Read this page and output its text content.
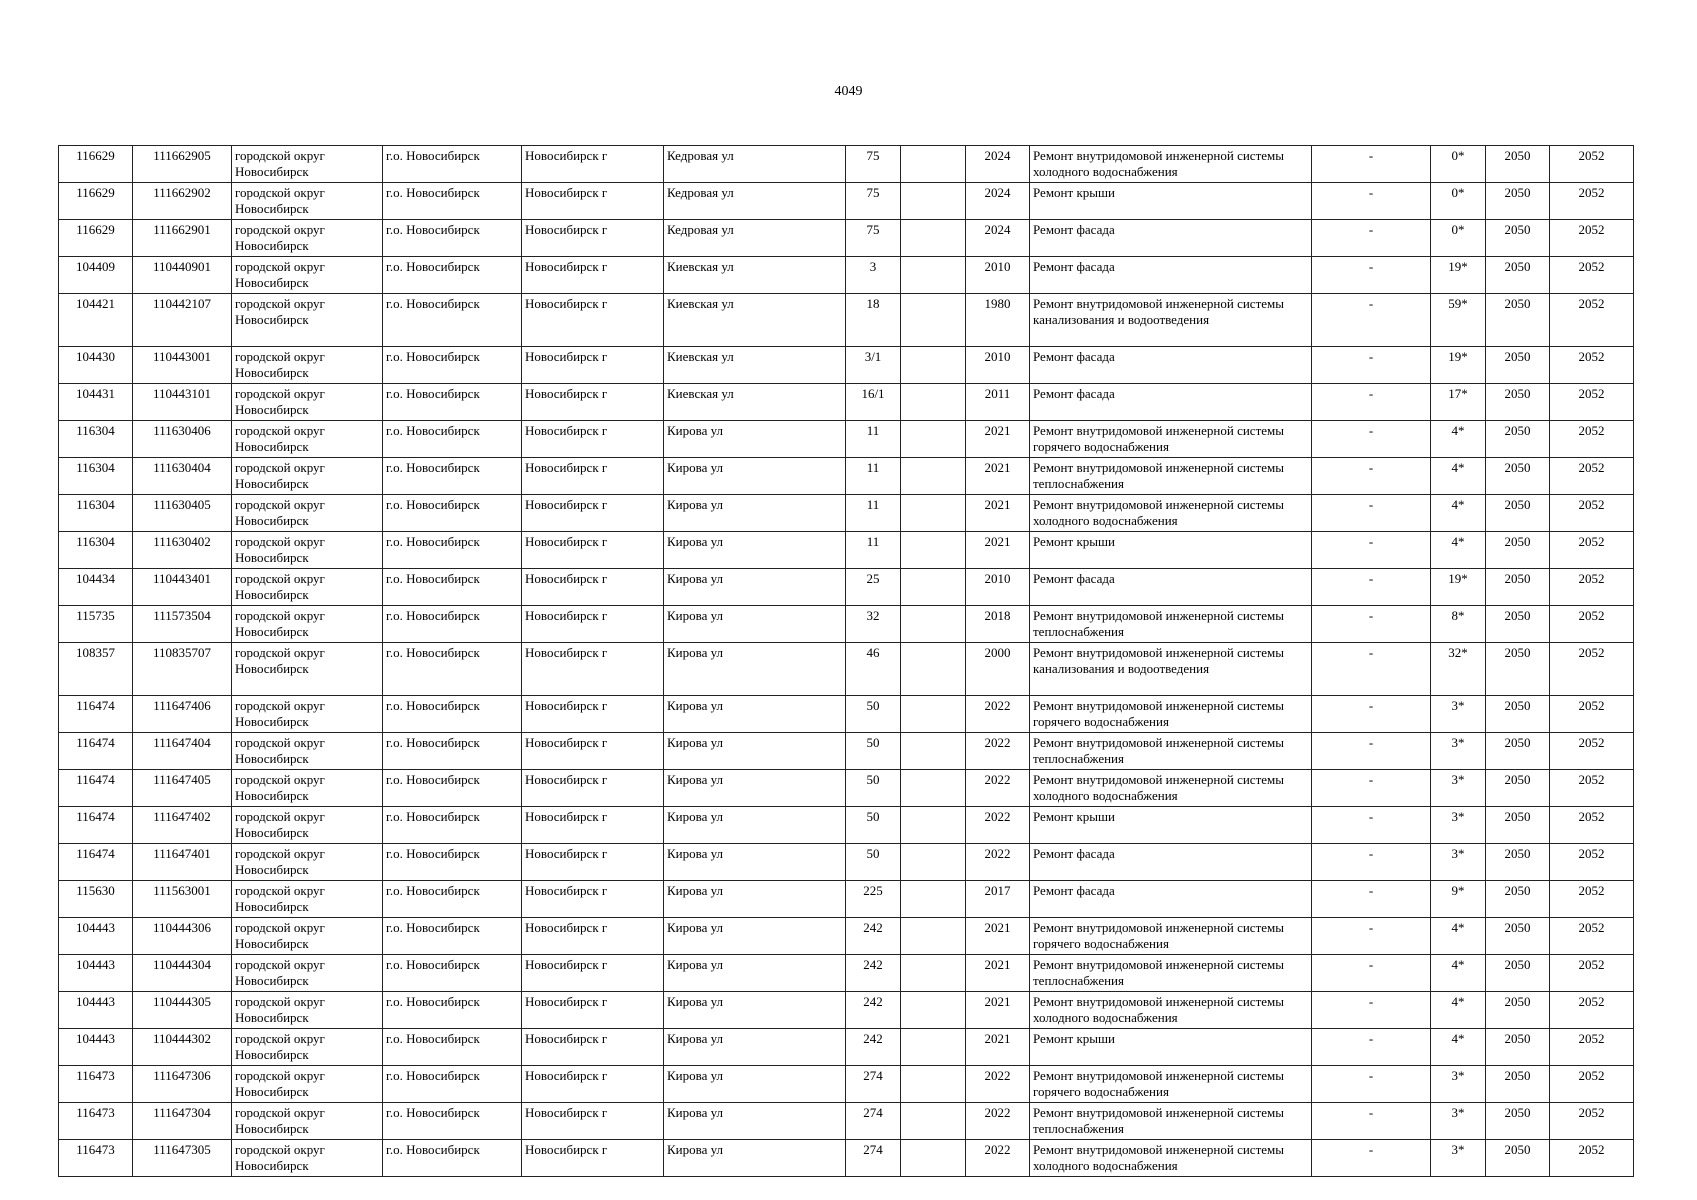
4049
116629	111662905	городской округ Новосибирск	г.о. Новосибирск	Новосибирск г	Кедровая ул	75		2024	Ремонт внутридомовой инженерной системы холодного водоснабжения	-	0*	2050	2052
116629	111662902	городской округ Новосибирск	г.о. Новосибирск	Новосибирск г	Кедровая ул	75		2024	Ремонт крыши	-	0*	2050	2052
116629	111662901	городской округ Новосибирск	г.о. Новосибирск	Новосибирск г	Кедровая ул	75		2024	Ремонт фасада	-	0*	2050	2052
104409	110440901	городской округ Новосибирск	г.о. Новосибирск	Новосибирск г	Киевская ул	3		2010	Ремонт фасада	-	19*	2050	2052
104421	110442107	городской округ Новосибирск	г.о. Новосибирск	Новосибирск г	Киевская ул	18		1980	Ремонт внутридомовой инженерной системы канализования и водоотведения	-	59*	2050	2052
104430	110443001	городской округ Новосибирск	г.о. Новосибирск	Новосибирск г	Киевская ул	3/1		2010	Ремонт фасада	-	19*	2050	2052
104431	110443101	городской округ Новосибирск	г.о. Новосибирск	Новосибирск г	Киевская ул	16/1		2011	Ремонт фасада	-	17*	2050	2052
116304	111630406	городской округ Новосибирск	г.о. Новосибирск	Новосибирск г	Кирова ул	11		2021	Ремонт внутридомовой инженерной системы горячего водоснабжения	-	4*	2050	2052
116304	111630404	городской округ Новосибирск	г.о. Новосибирск	Новосибирск г	Кирова ул	11		2021	Ремонт внутридомовой инженерной системы теплоснабжения	-	4*	2050	2052
116304	111630405	городской округ Новосибирск	г.о. Новосибирск	Новосибирск г	Кирова ул	11		2021	Ремонт внутридомовой инженерной системы холодного водоснабжения	-	4*	2050	2052
116304	111630402	городской округ Новосибирск	г.о. Новосибирск	Новосибирск г	Кирова ул	11		2021	Ремонт крыши	-	4*	2050	2052
104434	110443401	городской округ Новосибирск	г.о. Новосибирск	Новосибирск г	Кирова ул	25		2010	Ремонт фасада	-	19*	2050	2052
115735	111573504	городской округ Новосибирск	г.о. Новосибирск	Новосибирск г	Кирова ул	32		2018	Ремонт внутридомовой инженерной системы теплоснабжения	-	8*	2050	2052
108357	110835707	городской округ Новосибирск	г.о. Новосибирск	Новосибирск г	Кирова ул	46		2000	Ремонт внутридомовой инженерной системы канализования и водоотведения	-	32*	2050	2052
116474	111647406	городской округ Новосибирск	г.о. Новосибирск	Новосибирск г	Кирова ул	50		2022	Ремонт внутридомовой инженерной системы горячего водоснабжения	-	3*	2050	2052
116474	111647404	городской округ Новосибирск	г.о. Новосибирск	Новосибирск г	Кирова ул	50		2022	Ремонт внутридомовой инженерной системы теплоснабжения	-	3*	2050	2052
116474	111647405	городской округ Новосибирск	г.о. Новосибирск	Новосибирск г	Кирова ул	50		2022	Ремонт внутридомовой инженерной системы холодного водоснабжения	-	3*	2050	2052
116474	111647402	городской округ Новосибирск	г.о. Новосибирск	Новосибирск г	Кирова ул	50		2022	Ремонт крыши	-	3*	2050	2052
116474	111647401	городской округ Новосибирск	г.о. Новосибирск	Новосибирск г	Кирова ул	50		2022	Ремонт фасада	-	3*	2050	2052
115630	111563001	городской округ Новосибирск	г.о. Новосибирск	Новосибирск г	Кирова ул	225		2017	Ремонт фасада	-	9*	2050	2052
104443	110444306	городской округ Новосибирск	г.о. Новосибирск	Новосибирск г	Кирова ул	242		2021	Ремонт внутридомовой инженерной системы горячего водоснабжения	-	4*	2050	2052
104443	110444304	городской округ Новосибирск	г.о. Новосибирск	Новосибирск г	Кирова ул	242		2021	Ремонт внутридомовой инженерной системы теплоснабжения	-	4*	2050	2052
104443	110444305	городской округ Новосибирск	г.о. Новосибирск	Новосибирск г	Кирова ул	242		2021	Ремонт внутридомовой инженерной системы холодного водоснабжения	-	4*	2050	2052
104443	110444302	городской округ Новосибирск	г.о. Новосибирск	Новосибирск г	Кирова ул	242		2021	Ремонт крыши	-	4*	2050	2052
116473	111647306	городской округ Новосибирск	г.о. Новосибирск	Новосибирск г	Кирова ул	274		2022	Ремонт внутридомовой инженерной системы горячего водоснабжения	-	3*	2050	2052
116473	111647304	городской округ Новосибирск	г.о. Новосибирск	Новосибирск г	Кирова ул	274		2022	Ремонт внутридомовой инженерной системы теплоснабжения	-	3*	2050	2052
116473	111647305	городской округ Новосибирск	г.о. Новосибирск	Новосибирск г	Кирова ул	274		2022	Ремонт внутридомовой инженерной системы холодного водоснабжения	-	3*	2050	2052
